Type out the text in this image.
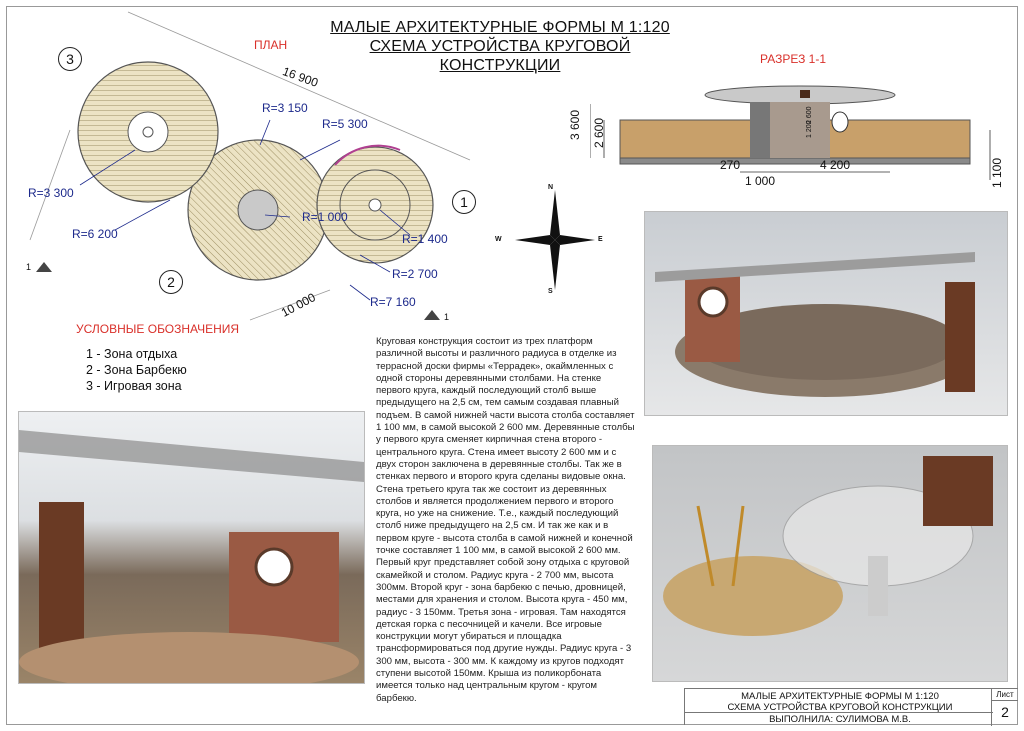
МАЛЫЕ АРХИТЕКТУРНЫЕ ФОРМЫ М 1:120
СХЕМА УСТРОЙСТВА КРУГОВОЙ
КОНСТРУКЦИИ
ПЛАН
РАЗРЕЗ 1-1
3
2
1
16 900
R=3 150
R=5 300
R=3 300
R=6 200
R=1 000
R=1 400
R=2 700
R=7 160
10 000
1
1
N
S
E
W
3 600 2 600	1 200
2 600
270
1 000
4 200	1 100
УСЛОВНЫЕ ОБОЗНАЧЕНИЯ
1 - Зона отдыха
2 - Зона Барбекю
3 - Игровая зона
Круговая конструкция состоит из трех платформ различной высоты и различного радиуса в отделке из террасной доски фирмы «Террадек», окаймленных с одной стороны деревянными столбами. На стенке первого круга, каждый последующий столб выше предыдущего на 2,5 см, тем самым создавая плавный подъем. В самой нижней части высота столба составляет 1 100 мм, в самой высокой 2 600 мм. Деревянные столбы у первого круга сменяет кирпичная стена второго - центрального круга. Стена имеет высоту 2 600 мм и с двух сторон заключена в деревянные столбы. Так же в стенках первого и второго круга сделаны видовые окна. Стена третьего круга так же состоит из деревянных столбов и является продолжением первого и второго круга, но уже на снижение. Т.е., каждый последующий столб ниже предыдущего на 2,5 см. И так же как и в первом круге - высота столба в самой нижней и конечной точке составляет 1 100 мм, в самой высокой 2 600 мм. Первый круг представляет собой зону отдыха с круговой скамейкой и столом. Радиус круга - 2 700 мм, высота 300мм. Второй круг - зона барбекю с печью, дровницей, местами для хранения и столом. Высота круга - 450 мм, радиус - 3 150мм. Третья зона - игровая. Там находятся детская горка с песочницей и качели. Все игровые конструкции могут убираться и площадка трансформироваться под другие нужды. Радиус круга - 3 300 мм, высота - 300 мм. К каждому из кругов подходят ступени высотой 150мм. Крыша из поликорбоната имеется только над центральным кругом - кругом барбекю.	МАЛЫЕ АРХИТЕКТУРНЫЕ ФОРМЫ М 1:120
СХЕМА УСТРОЙСТВА КРУГОВОЙ КОНСТРУКЦИИ
ВЫПОЛНИЛА: СУЛИМОВА М.В.
Лист
2
